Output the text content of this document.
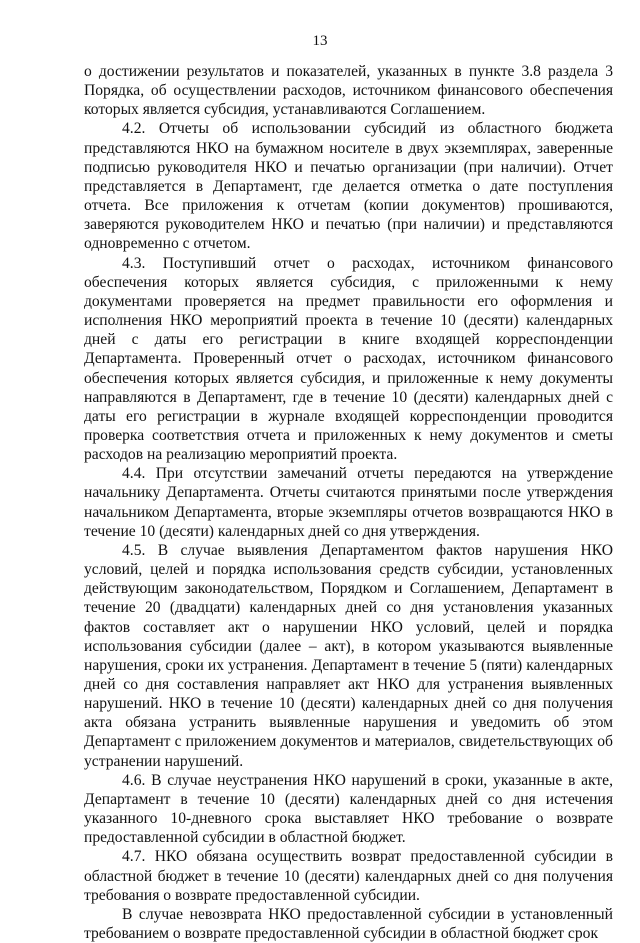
13

о достижении результатов и показателей, указанных в пункте 3.8 раздела 3 Порядка, об осуществлении расходов, источником финансового обеспечения которых является субсидия, устанавливаются Соглашением.

4.2. Отчеты об использовании субсидий из областного бюджета представляются НКО на бумажном носителе в двух экземплярах, заверенные подписью руководителя НКО и печатью организации (при наличии). Отчет представляется в Департамент, где делается отметка о дате поступления отчета. Все приложения к отчетам (копии документов) прошиваются, заверяются руководителем НКО и печатью (при наличии) и представляются одновременно с отчетом.

4.3. Поступивший отчет о расходах, источником финансового обеспечения которых является субсидия, с приложенными к нему документами проверяется на предмет правильности его оформления и исполнения НКО мероприятий проекта в течение 10 (десяти) календарных дней с даты его регистрации в книге входящей корреспонденции Департамента. Проверенный отчет о расходах, источником финансового обеспечения которых является субсидия, и приложенные к нему документы направляются в Департамент, где в течение 10 (десяти) календарных дней с даты его регистрации в журнале входящей корреспонденции проводится проверка соответствия отчета и приложенных к нему документов и сметы расходов на реализацию мероприятий проекта.

4.4. При отсутствии замечаний отчеты передаются на утверждение начальнику Департамента. Отчеты считаются принятыми после утверждения начальником Департамента, вторые экземпляры отчетов возвращаются НКО в течение 10 (десяти) календарных дней со дня утверждения.

4.5. В случае выявления Департаментом фактов нарушения НКО условий, целей и порядка использования средств субсидии, установленных действующим законодательством, Порядком и Соглашением, Департамент в течение 20 (двадцати) календарных дней со дня установления указанных фактов составляет акт о нарушении НКО условий, целей и порядка использования субсидии (далее – акт), в котором указываются выявленные нарушения, сроки их устранения. Департамент в течение 5 (пяти) календарных дней со дня составления направляет акт НКО для устранения выявленных нарушений. НКО в течение 10 (десяти) календарных дней со дня получения акта обязана устранить выявленные нарушения и уведомить об этом Департамент с приложением документов и материалов, свидетельствующих об устранении нарушений.

4.6. В случае неустранения НКО нарушений в сроки, указанные в акте, Департамент в течение 10 (десяти) календарных дней со дня истечения указанного 10-дневного срока выставляет НКО требование о возврате предоставленной субсидии в областной бюджет.

4.7. НКО обязана осуществить возврат предоставленной субсидии в областной бюджет в течение 10 (десяти) календарных дней со дня получения требования о возврате предоставленной субсидии.

В случае невозврата НКО предоставленной субсидии в установленный требованием о возврате предоставленной субсидии в областной бюджет срок
